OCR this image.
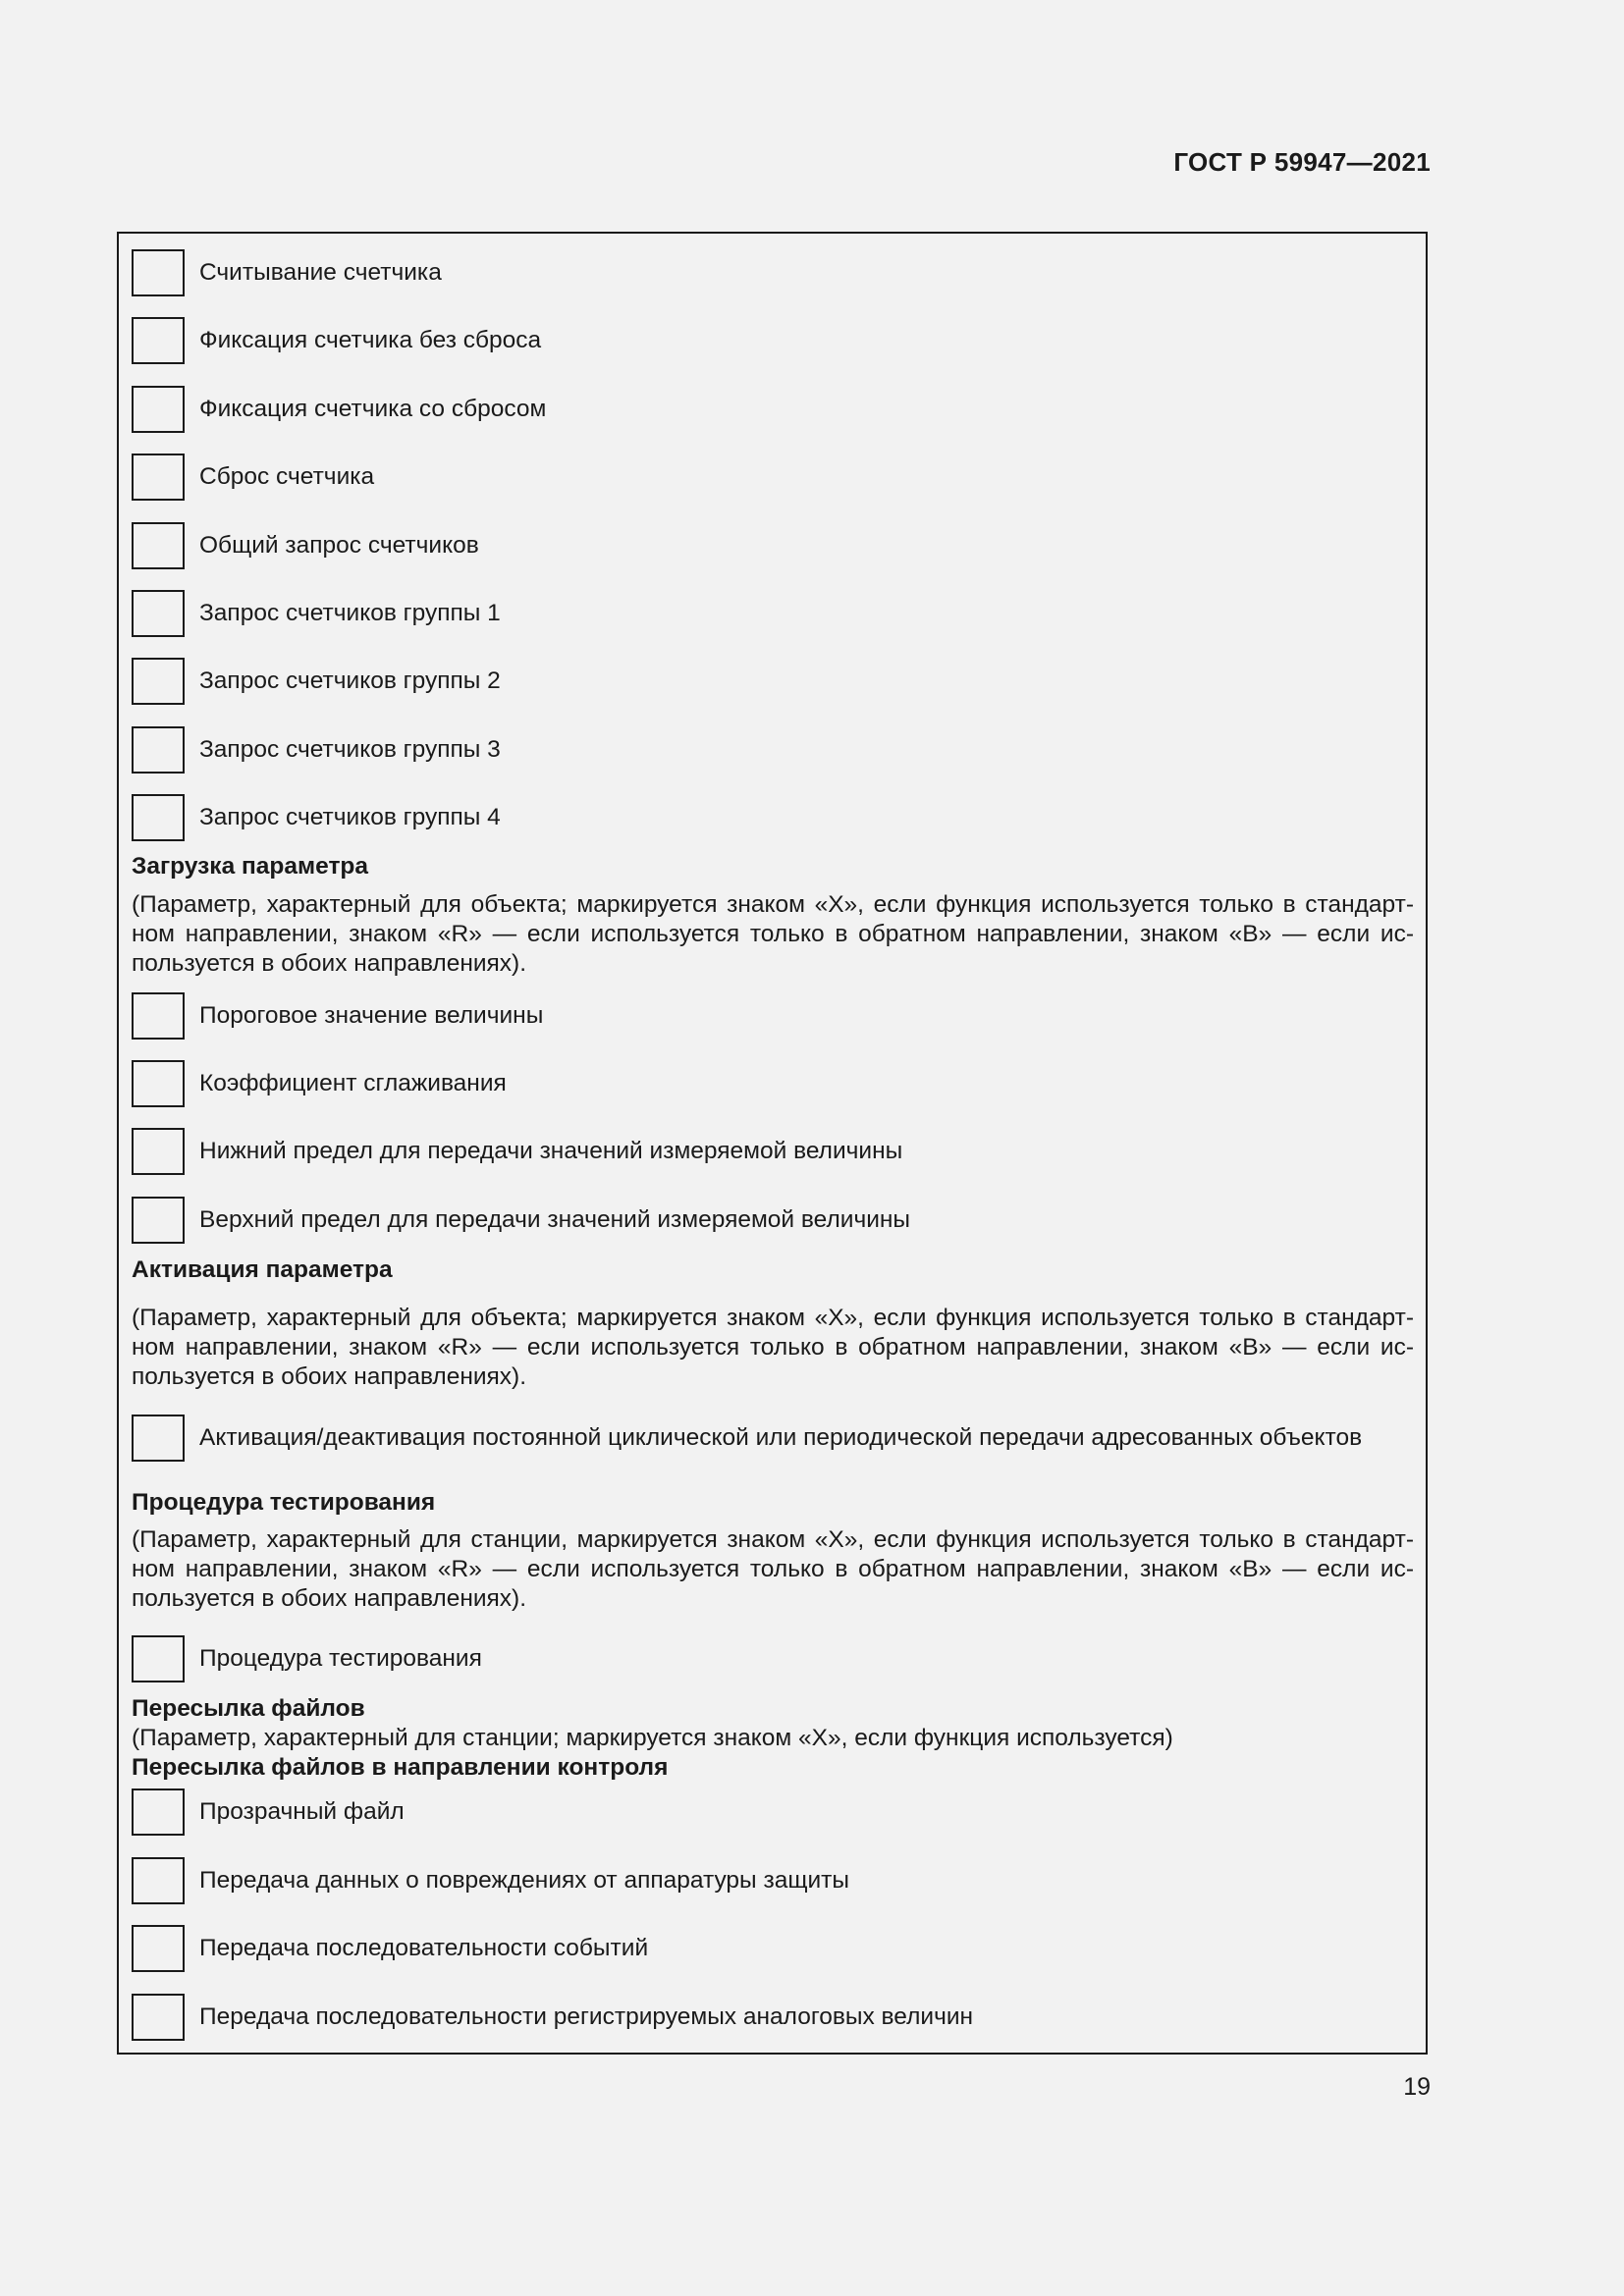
ГОСТ Р 59947—2021
Считывание счетчика
Фиксация счетчика без сброса
Фиксация счетчика со сбросом
Сброс счетчика
Общий запрос счетчиков
Запрос счетчиков группы 1
Запрос счетчиков группы 2
Запрос счетчиков группы 3
Запрос счетчиков группы 4
Загрузка параметра
(Параметр, характерный для объекта; маркируется знаком «Х», если функция используется только в стандарт-
ном направлении, знаком «R» — если используется только в обратном направлении, знаком «В» — если ис-
пользуется в обоих направлениях).
Пороговое значение величины
Коэффициент сглаживания
Нижний предел для передачи значений измеряемой величины
Верхний предел для передачи значений измеряемой величины
Активация параметра
(Параметр, характерный для объекта; маркируется знаком «Х», если функция используется только в стандарт-
ном направлении, знаком «R» — если используется только в обратном направлении, знаком «В» — если ис-
пользуется в обоих направлениях).
Активация/деактивация постоянной циклической или периодической передачи адресованных объектов
Процедура тестирования
(Параметр, характерный для станции, маркируется знаком «Х», если функция используется только в стандарт-
ном направлении, знаком «R» — если используется только в обратном направлении, знаком «В» — если ис-
пользуется в обоих направлениях).
Процедура тестирования
Пересылка файлов
(Параметр, характерный для станции; маркируется знаком «Х», если функция используется)
Пересылка файлов в направлении контроля
Прозрачный файл
Передача данных о повреждениях от аппаратуры защиты
Передача последовательности событий
Передача последовательности регистрируемых аналоговых величин
19
